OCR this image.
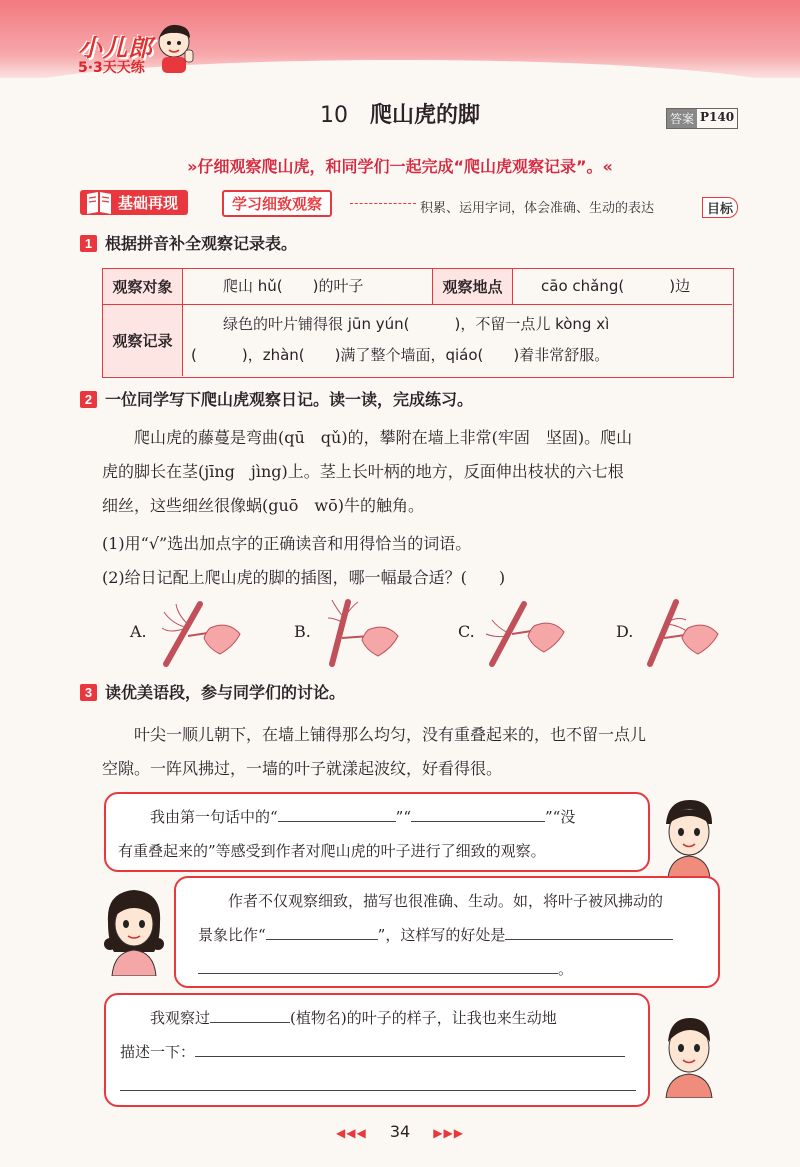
小儿郎
5·3天天练
10 爬山虎的脚	答案 P140
»仔细观察爬山虎，和同学们一起完成“爬山虎观察记录”。«
基础再现	学习细致观察	积累、运用字词，体会准确、生动的表达	目标
1 根据拼音补全观察记录表。
观察对象	爬山 hǔ(　　)的叶子	观察地点	cāo chǎng(　　　)边
观察记录
绿色的叶片铺得很 jūn yún(　　　)，不留一点儿 kòng xì
(　　　)，zhàn(　　)满了整个墙面，qiáo(　　)着非常舒服。
2 一位同学写下爬山虎观察日记。读一读，完成练习。
爬山虎的藤蔓是弯曲(qū　qǔ)的，攀附在墙上非常(牢固　坚固)。爬山
虎的脚长在茎(jīng　jìng)上。茎上长叶柄的地方，反面伸出枝状的六七根
细丝，这些细丝很像蜗(guō　wō)牛的触角。
(1)用“√”选出加点字的正确读音和用得恰当的词语。
(2)给日记配上爬山虎的脚的插图，哪一幅最合适？(　　)
A.	B.	C.	D.
3 读优美语段，参与同学们的讨论。
叶尖一顺儿朝下，在墙上铺得那么均匀，没有重叠起来的，也不留一点儿
空隙。一阵风拂过，一墙的叶子就漾起波纹，好看得很。
我由第一句话中的“	”“	”“没
有重叠起来的”等感受到作者对爬山虎的叶子进行了细致的观察。
作者不仅观察细致，描写也很准确、生动。如，将叶子被风拂动的
景象比作“	”，这样写的好处是
。
我观察过	(植物名)的叶子的样子，让我也来生动地
描述一下：
◀◀◀ 34 ▶▶▶
